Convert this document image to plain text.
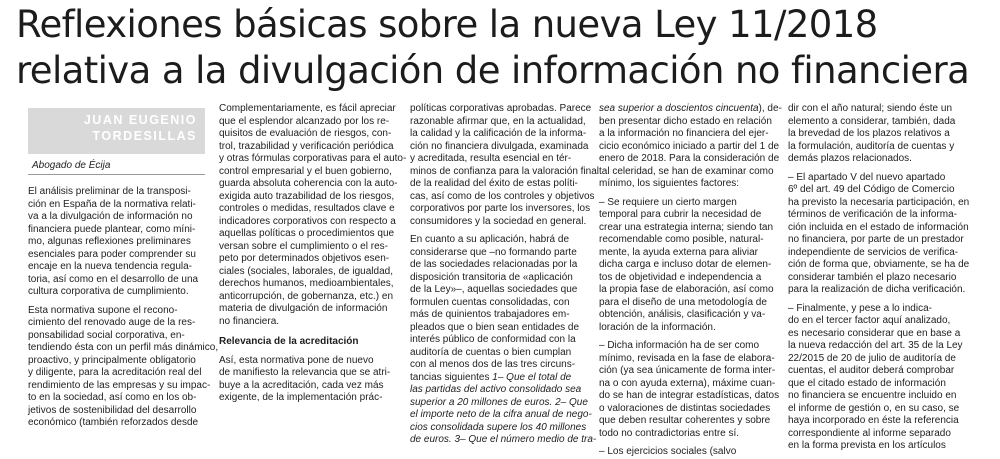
Reflexiones básicas sobre la nueva Ley 11/2018
relativa a la divulgación de información no financiera
JUAN EUGENIO
TORDESILLAS
Abogado de Écija

El análisis preliminar de la transposi-

ción en España de la normativa relati-

va a la divulgación de información no

financiera puede plantear, como míni-

mo, algunas reflexiones preliminares

esenciales para poder comprender su

encaje en la nueva tendencia regula-

toria, así como en el desarrollo de una

cultura corporativa de cumplimiento.

Esta normativa supone el recono-

cimiento del renovado auge de la res-

ponsabilidad social corporativa, en-

tendiendo ésta con un perfil más dinámico,

proactivo, y principalmente obligatorio

y diligente, para la acreditación real del

rendimiento de las empresas y su impac-

to en la sociedad, así como en los ob-

jetivos de sostenibilidad del desarrollo

económico (también reforzados desde

Complementariamente, es fácil apreciar

que el esplendor alcanzado por los re-

quisitos de evaluación de riesgos, con-

trol, trazabilidad y verificación periódica

y otras fórmulas corporativas para el auto-

control empresarial y el buen gobierno,

guarda absoluta coherencia con la auto-

exigida auto trazabilidad de los riesgos,

controles o medidas, resultados clave e

indicadores corporativos con respecto a

aquellas políticas o procedimientos que

versan sobre el cumplimiento o el res-

peto por determinados objetivos esen-

ciales (sociales, laborales, de igualdad,

derechos humanos, medioambientales,

anticorrupción, de gobernanza, etc.) en

materia de divulgación de información

no financiera.

Relevancia de la acreditación

Así, esta normativa pone de nuevo

de manifiesto la relevancia que se atri-

buye a la acreditación, cada vez más

exigente, de la implementación prác-

políticas corporativas aprobadas. Parece

razonable afirmar que, en la actualidad,

la calidad y la calificación de la informa-

ción no financiera divulgada, examinada

y acreditada, resulta esencial en tér-

minos de confianza para la valoración final

de la realidad del éxito de estas políti-

cas, así como de los controles y objetivos

corporativos por parte los inversores, los

consumidores y la sociedad en general.

En cuanto a su aplicación, habrá de

considerarse que –no formando parte

de las sociedades relacionadas por la

disposición transitoria de «aplicación

de la Ley»–, aquellas sociedades que

formulen cuentas consolidadas, con

más de quinientos trabajadores em-

pleados que o bien sean entidades de

interés público de conformidad con la

auditoría de cuentas o bien cumplan

con al menos dos de las tres circuns-

tancias siguientes 1– Que el total de

las partidas del activo consolidado sea

superior a 20 millones de euros. 2– Que

el importe neto de la cifra anual de nego-

cios consolidada supere los 40 millones

de euros. 3– Que el número medio de tra-

sea superior a doscientos cincuenta), de-

ben presentar dicho estado en relación

a la información no financiera del ejer-

cicio económico iniciado a partir del 1 de

enero de 2018. Para la consideración de

tal celeridad, se han de examinar como

mínimo, los siguientes factores:

– Se requiere un cierto margen

temporal para cubrir la necesidad de

crear una estrategia interna; siendo tan

recomendable como posible, natural-

mente, la ayuda externa para aliviar

dicha carga e incluso dotar de elemen-

tos de objetividad e independencia a

la propia fase de elaboración, así como

para el diseño de una metodología de

obtención, análisis, clasificación y va-

loración de la información.

– Dicha información ha de ser como

mínimo, revisada en la fase de elabora-

ción (ya sea únicamente de forma inter-

na o con ayuda externa), máxime cuan-

do se han de integrar estadísticas, datos

o valoraciones de distintas sociedades

que deben resultar coherentes y sobre

todo no contradictorias entre sí.

– Los ejercicios sociales (salvo

dir con el año natural; siendo éste un

elemento a considerar, también, dada

la brevedad de los plazos relativos a

la formulación, auditoría de cuentas y

demás plazos relacionados.

– El apartado V del nuevo apartado

6º del art. 49 del Código de Comercio

ha previsto la necesaria participación, en

términos de verificación de la informa-

ción incluida en el estado de información

no financiera, por parte de un prestador

independiente de servicios de verifica-

ción de forma que, obviamente, se ha de

considerar también el plazo necesario

para la realización de dicha verificación.

– Finalmente, y pese a lo indica-

do en el tercer factor aquí analizado,

es necesario considerar que en base a

la nueva redacción del art. 35 de la Ley

22/2015 de 20 de julio de auditoría de

cuentas, el auditor deberá comprobar

que el citado estado de información

no financiera se encuentre incluido en

el informe de gestión o, en su caso, se

haya incorporado en éste la referencia

correspondiente al informe separado

en la forma prevista en los artículos
